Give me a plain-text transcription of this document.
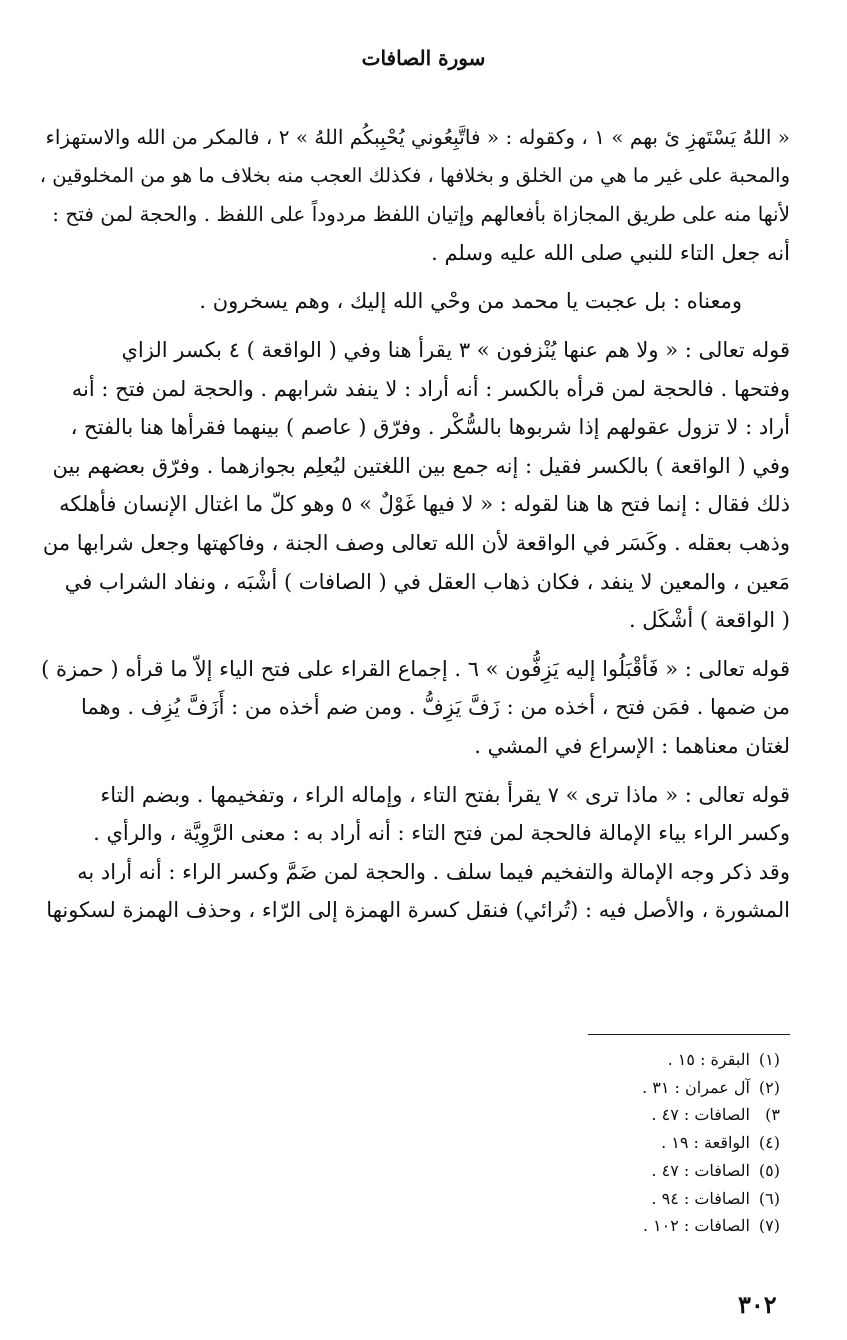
سورة الصافات

« اللهُ يَسْتَهزِ ئ بهم » ١ ، وكقوله : « فاتَّبِعُوني يُحْبِبكُم اللهُ » ٢ ، فالمكر من الله والاستهزاء
والمحبة على غير ما هي من الخلق و بخلافها ، فكذلك العجب منه بخلاف ما هو من المخلوقين ،
لأنها منه على طريق المجازاة بأفعالهم وإتيان اللفظ مردوداً على اللفظ . والحجة لمن فتح :
أنه جعل التاء للنبي صلى الله عليه وسلم .

ومعناه : بل عجبت يا محمد من وحْي الله إليك ، وهم يسخرون .

قوله تعالى : « ولا هم عنها يُنْزفون » ٣ يقرأ هنا وفي ( الواقعة ) ٤ بكسر الزاي
وفتحها . فالحجة لمن قرأه بالكسر : أنه أراد : لا ينفد شرابهم . والحجة لمن فتح : أنه
أراد : لا تزول عقولهم إذا شربوها بالسُّكْر . وفرّق ( عاصم ) بينهما فقرأها هنا بالفتح ،
وفي ( الواقعة ) بالكسر فقيل : إنه جمع بين اللغتين ليُعلِم بجوازهما . وفرّق بعضهم بين
ذلك فقال : إنما فتح ها هنا لقوله : « لا فيها غَوْلٌ » ٥ وهو كلّ ما اغتال الإنسان فأهلكه
وذهب بعقله . وكَسَر في الواقعة لأن الله تعالى وصف الجنة ، وفاكهتها وجعل شرابها من
مَعين ، والمعين لا ينفد ، فكان ذهاب العقل في ( الصافات ) أشْبَه ، ونفاد الشراب في
( الواقعة ) أشْكَل .

قوله تعالى : « فَأقْبَلُوا إليه يَزِفُّون » ٦ . إجماع القراء على فتح الياء إلاّ ما قرأه ( حمزة )
من ضمها . فمَن فتح ، أخذه من : زَفَّ يَزِفُّ . ومن ضم أخذه من : أَزَفَّ يُزِف . وهما
لغتان معناهما : الإسراع في المشي .

قوله تعالى : « ماذا ترى » ٧ يقرأ بفتح التاء ، وإماله الراء ، وتفخيمها . وبضم التاء
وكسر الراء بياء الإمالة فالحجة لمن فتح التاء : أنه أراد به : معنى الرَّوِيَّة ، والرأي .
وقد ذكر وجه الإمالة والتفخيم فيما سلف . والحجة لمن ضَمَّ وكسر الراء : أنه أراد به
المشورة ، والأصل فيه : (تُرائي) فنقل كسرة الهمزة إلى الرّاء ، وحذف الهمزة لسكونها

(١)البقرة : ١٥ .
(٢)آل عمران : ٣١ .
٣)الصافات : ٤٧ .
(٤)الواقعة : ١٩ .
(٥)الصافات : ٤٧ .
(٦)الصافات : ٩٤ .
(٧)الصافات : ١٠٢ .
٣٠٢
